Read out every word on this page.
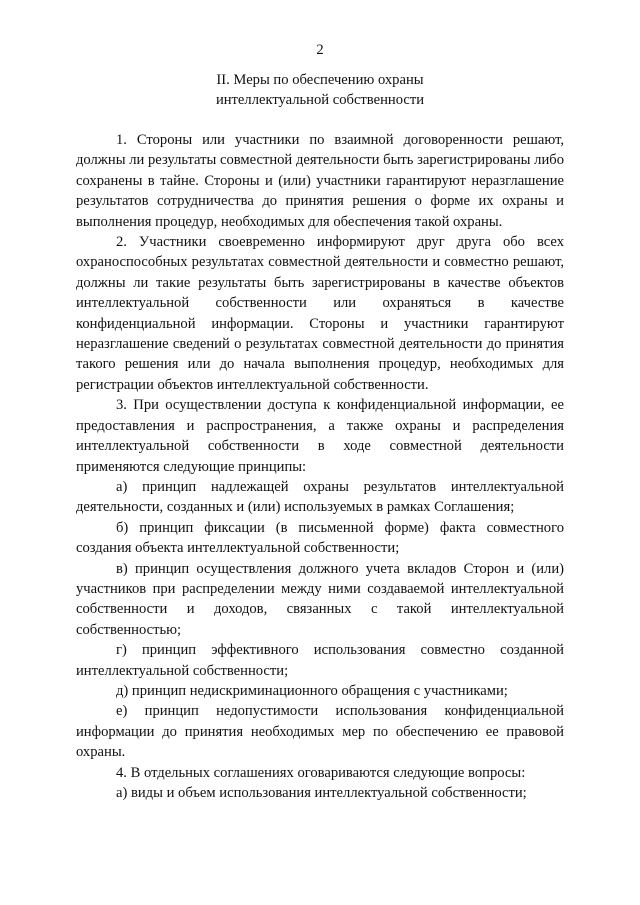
2
II. Меры по обеспечению охраны
интеллектуальной собственности

1. Стороны или участники по взаимной договоренности решают, должны ли результаты совместной деятельности быть зарегистрированы либо сохранены в тайне. Стороны и (или) участники гарантируют неразглашение результатов сотрудничества до принятия решения о форме их охраны и выполнения процедур, необходимых для обеспечения такой охраны.

2. Участники своевременно информируют друг друга обо всех охраноспособных результатах совместной деятельности и совместно решают, должны ли такие результаты быть зарегистрированы в качестве объектов интеллектуальной собственности или охраняться в качестве конфиденциальной информации. Стороны и участники гарантируют неразглашение сведений о результатах совместной деятельности до принятия такого решения или до начала выполнения процедур, необходимых для регистрации объектов интеллектуальной собственности.

3. При осуществлении доступа к конфиденциальной информации, ее предоставления и распространения, а также охраны и распределения интеллектуальной собственности в ходе совместной деятельности применяются следующие принципы:

а) принцип надлежащей охраны результатов интеллектуальной деятельности, созданных и (или) используемых в рамках Соглашения;

б) принцип фиксации (в письменной форме) факта совместного создания объекта интеллектуальной собственности;

в) принцип осуществления должного учета вкладов Сторон и (или) участников при распределении между ними создаваемой интеллектуальной собственности и доходов, связанных с такой интеллектуальной собственностью;

г) принцип эффективного использования совместно созданной интеллектуальной собственности;

д) принцип недискриминационного обращения с участниками;

е) принцип недопустимости использования конфиденциальной информации до принятия необходимых мер по обеспечению ее правовой охраны.

4. В отдельных соглашениях оговариваются следующие вопросы:

а) виды и объем использования интеллектуальной собственности;
